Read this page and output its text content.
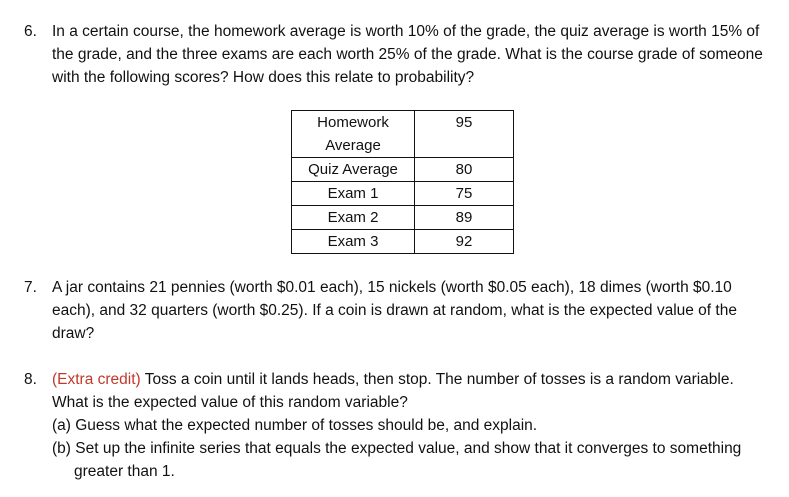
6. In a certain course, the homework average is worth 10% of the grade, the quiz average is worth 15% of the grade, and the three exams are each worth 25% of the grade. What is the course grade of someone with the following scores? How does this relate to probability?

Homework Average	95
Quiz Average	80
Exam 1	75
Exam 2	89
Exam 3	92
7. A jar contains 21 pennies (worth $0.01 each), 15 nickels (worth $0.05 each), 18 dimes (worth $0.10 each), and 32 quarters (worth $0.25). If a coin is drawn at random, what is the expected value of the draw?

8. (Extra credit) Toss a coin until it lands heads, then stop. The number of tosses is a random variable. What is the expected value of this random variable?

(a) Guess what the expected number of tosses should be, and explain.

(b) Set up the infinite series that equals the expected value, and show that it converges to something greater than 1.
